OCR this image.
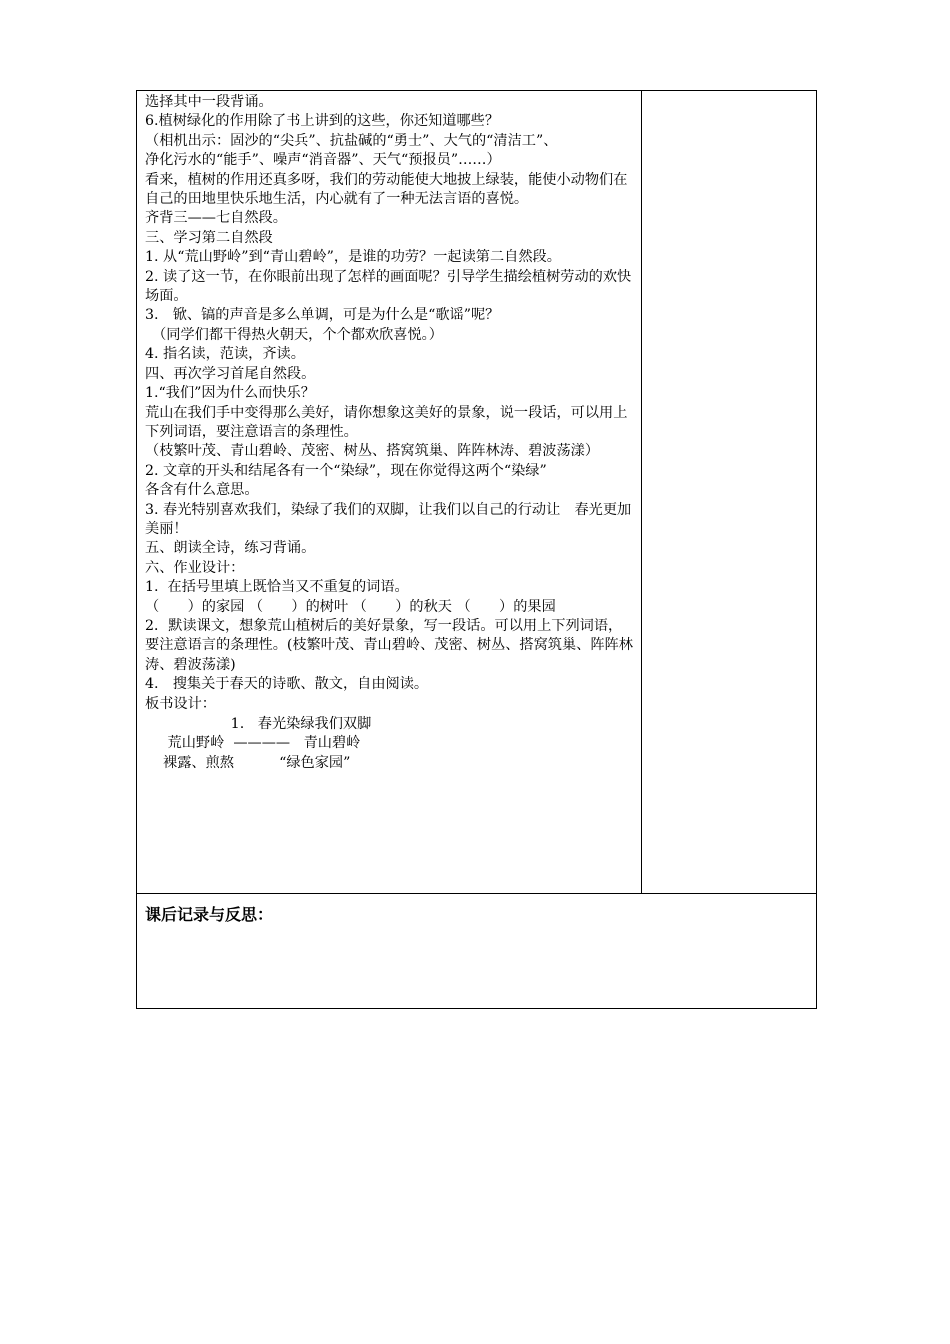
选择其中一段背诵。

6.植树绿化的作用除了书上讲到的这些，你还知道哪些？

（相机出示：固沙的“尖兵”、抗盐碱的“勇士”、大气的“清洁工”、

净化污水的“能手”、噪声“消音器”、天气“预报员”……）

看来，植树的作用还真多呀，我们的劳动能使大地披上绿装，能使小动物们在自己的田地里快乐地生活，内心就有了一种无法言语的喜悦。

齐背三——七自然段。

三、学习第二自然段

1. 从“荒山野岭”到“青山碧岭”，是谁的功劳？一起读第二自然段。

2. 读了这一节，在你眼前出现了怎样的画面呢？引导学生描绘植树劳动的欢快场面。

3.　锨、镐的声音是多么单调，可是为什么是“歌谣”呢？

　（同学们都干得热火朝天，个个都欢欣喜悦。）

4. 指名读，范读，齐读。

四、再次学习首尾自然段。

1.“我们”因为什么而快乐？

荒山在我们手中变得那么美好，请你想象这美好的景象，说一段话，可以用上下列词语，要注意语言的条理性。

（枝繁叶茂、青山碧岭、茂密、树丛、搭窝筑巢、阵阵林涛、碧波荡漾）

2. 文章的开头和结尾各有一个“染绿”，现在你觉得这两个“染绿”

各含有什么意思。

3. 春光特别喜欢我们，染绿了我们的双脚，让我们以自己的行动让　春光更加美丽！

五、朗读全诗，练习背诵。

六、作业设计：

1.  在括号里填上既恰当又不重复的词语。

（　　）的家园 （　　）的树叶 （　　）的秋天 （　　）的果园

2．默读课文，想象荒山植树后的美好景象，写一段话。可以用上下列词语，要注意语言的条理性。(枝繁叶茂、青山碧岭、茂密、树丛、搭窝筑巢、阵阵林涛、碧波荡漾)

4.　搜集关于春天的诗歌、散文，自由阅读。

板书设计：

1.   春光染绿我们双脚

荒山野岭  ————   青山碧岭

裸露、煎熬          “绿色家园”

课后记录与反思：
